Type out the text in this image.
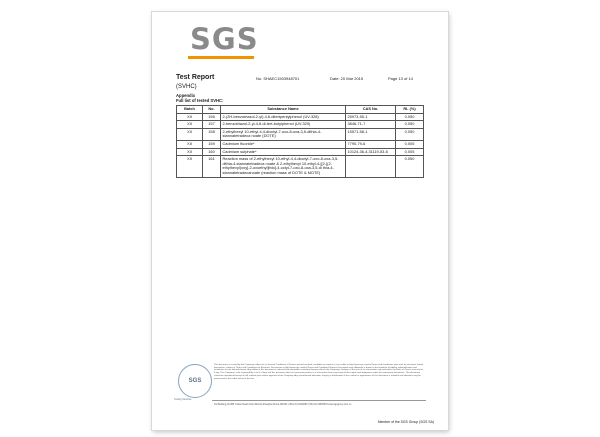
SGS
Test Report
(SVHC)
No. SHAEC1503948701	Date: 20 Mar 2015	Page 13 of 14
Appendix
Full list of tested SVHC:
Batch	No.	Substance Name	CAS No.	RL (%)
XII	156	2-(2H-benzotriazol-2-yl)-4,6-ditertpentylphenol (UV-328)	25973-55-1	0.050
XII	157	2-benzotriazol-2-yl-4,6-di-tert-butylphenol (UV-320)	3846-71-7	0.050
XII	158	2-ethylhexyl 10-ethyl-4,4-dioctyl-7-oxo-8-oxa-3,5-dithia-4-stannatetradeca noate (DOTE)	15571-58-1	0.050
XII	159	Cadmium fluoride*	7790-79-6	0.005
XII	160	Cadmium sulphate*	10124-36-4,31119-53-6	0.005
XII	161	Reaction mass of 2-ethylhexyl 10-ethyl-4,4-dioctyl-7-oxo-8-oxa-3,5-dithia-4-stannatetradeca noate & 2-ethylhexyl 10-ethyl-4-[[2-[(2-ethylhexyl)oxy]-2-oxoethyl]thio]-4-octyl-7-oxo-8-oxa-3,5-di thia-4-stannatetradecanoate (reaction mass of DOTE & MOTE)		0.050
This document is issued by the Company subject to its General Conditions of Service printed overleaf, available on request or accessible at http://www.sgs.com/en/Terms-and-Conditions.aspx and, for electronic format documents, subject to Terms and Conditions for Electronic Documents at http://www.sgs.com/en/Terms-and-Conditions/Terms-e-Document.aspx. Attention is drawn to the limitation of liability, indemnification and jurisdiction issues defined therein. Any holder of this document is advised that information contained hereon reflects the Company's findings at the time of its intervention only and within the limits of Client's instructions, if any. The Company's sole responsibility is to its Client and this document does not exonerate parties to a transaction from exercising all their rights and obligations under the transaction documents. This document cannot be reproduced except in full, without prior written approval of the Company. Any unauthorized alteration, forgery or falsification of the content or appearance of this document is unlawful and offenders may be prosecuted to the fullest extent of the law.
SGS
Testing Services
3rd Building,No.889 Yishan Road Xuhui District,Shanghai China 200233 t (86-21) 61402666 f (86-21) 64953679 www.sgsgroup.com.cn
Member of the SGS Group (SGS SA)
